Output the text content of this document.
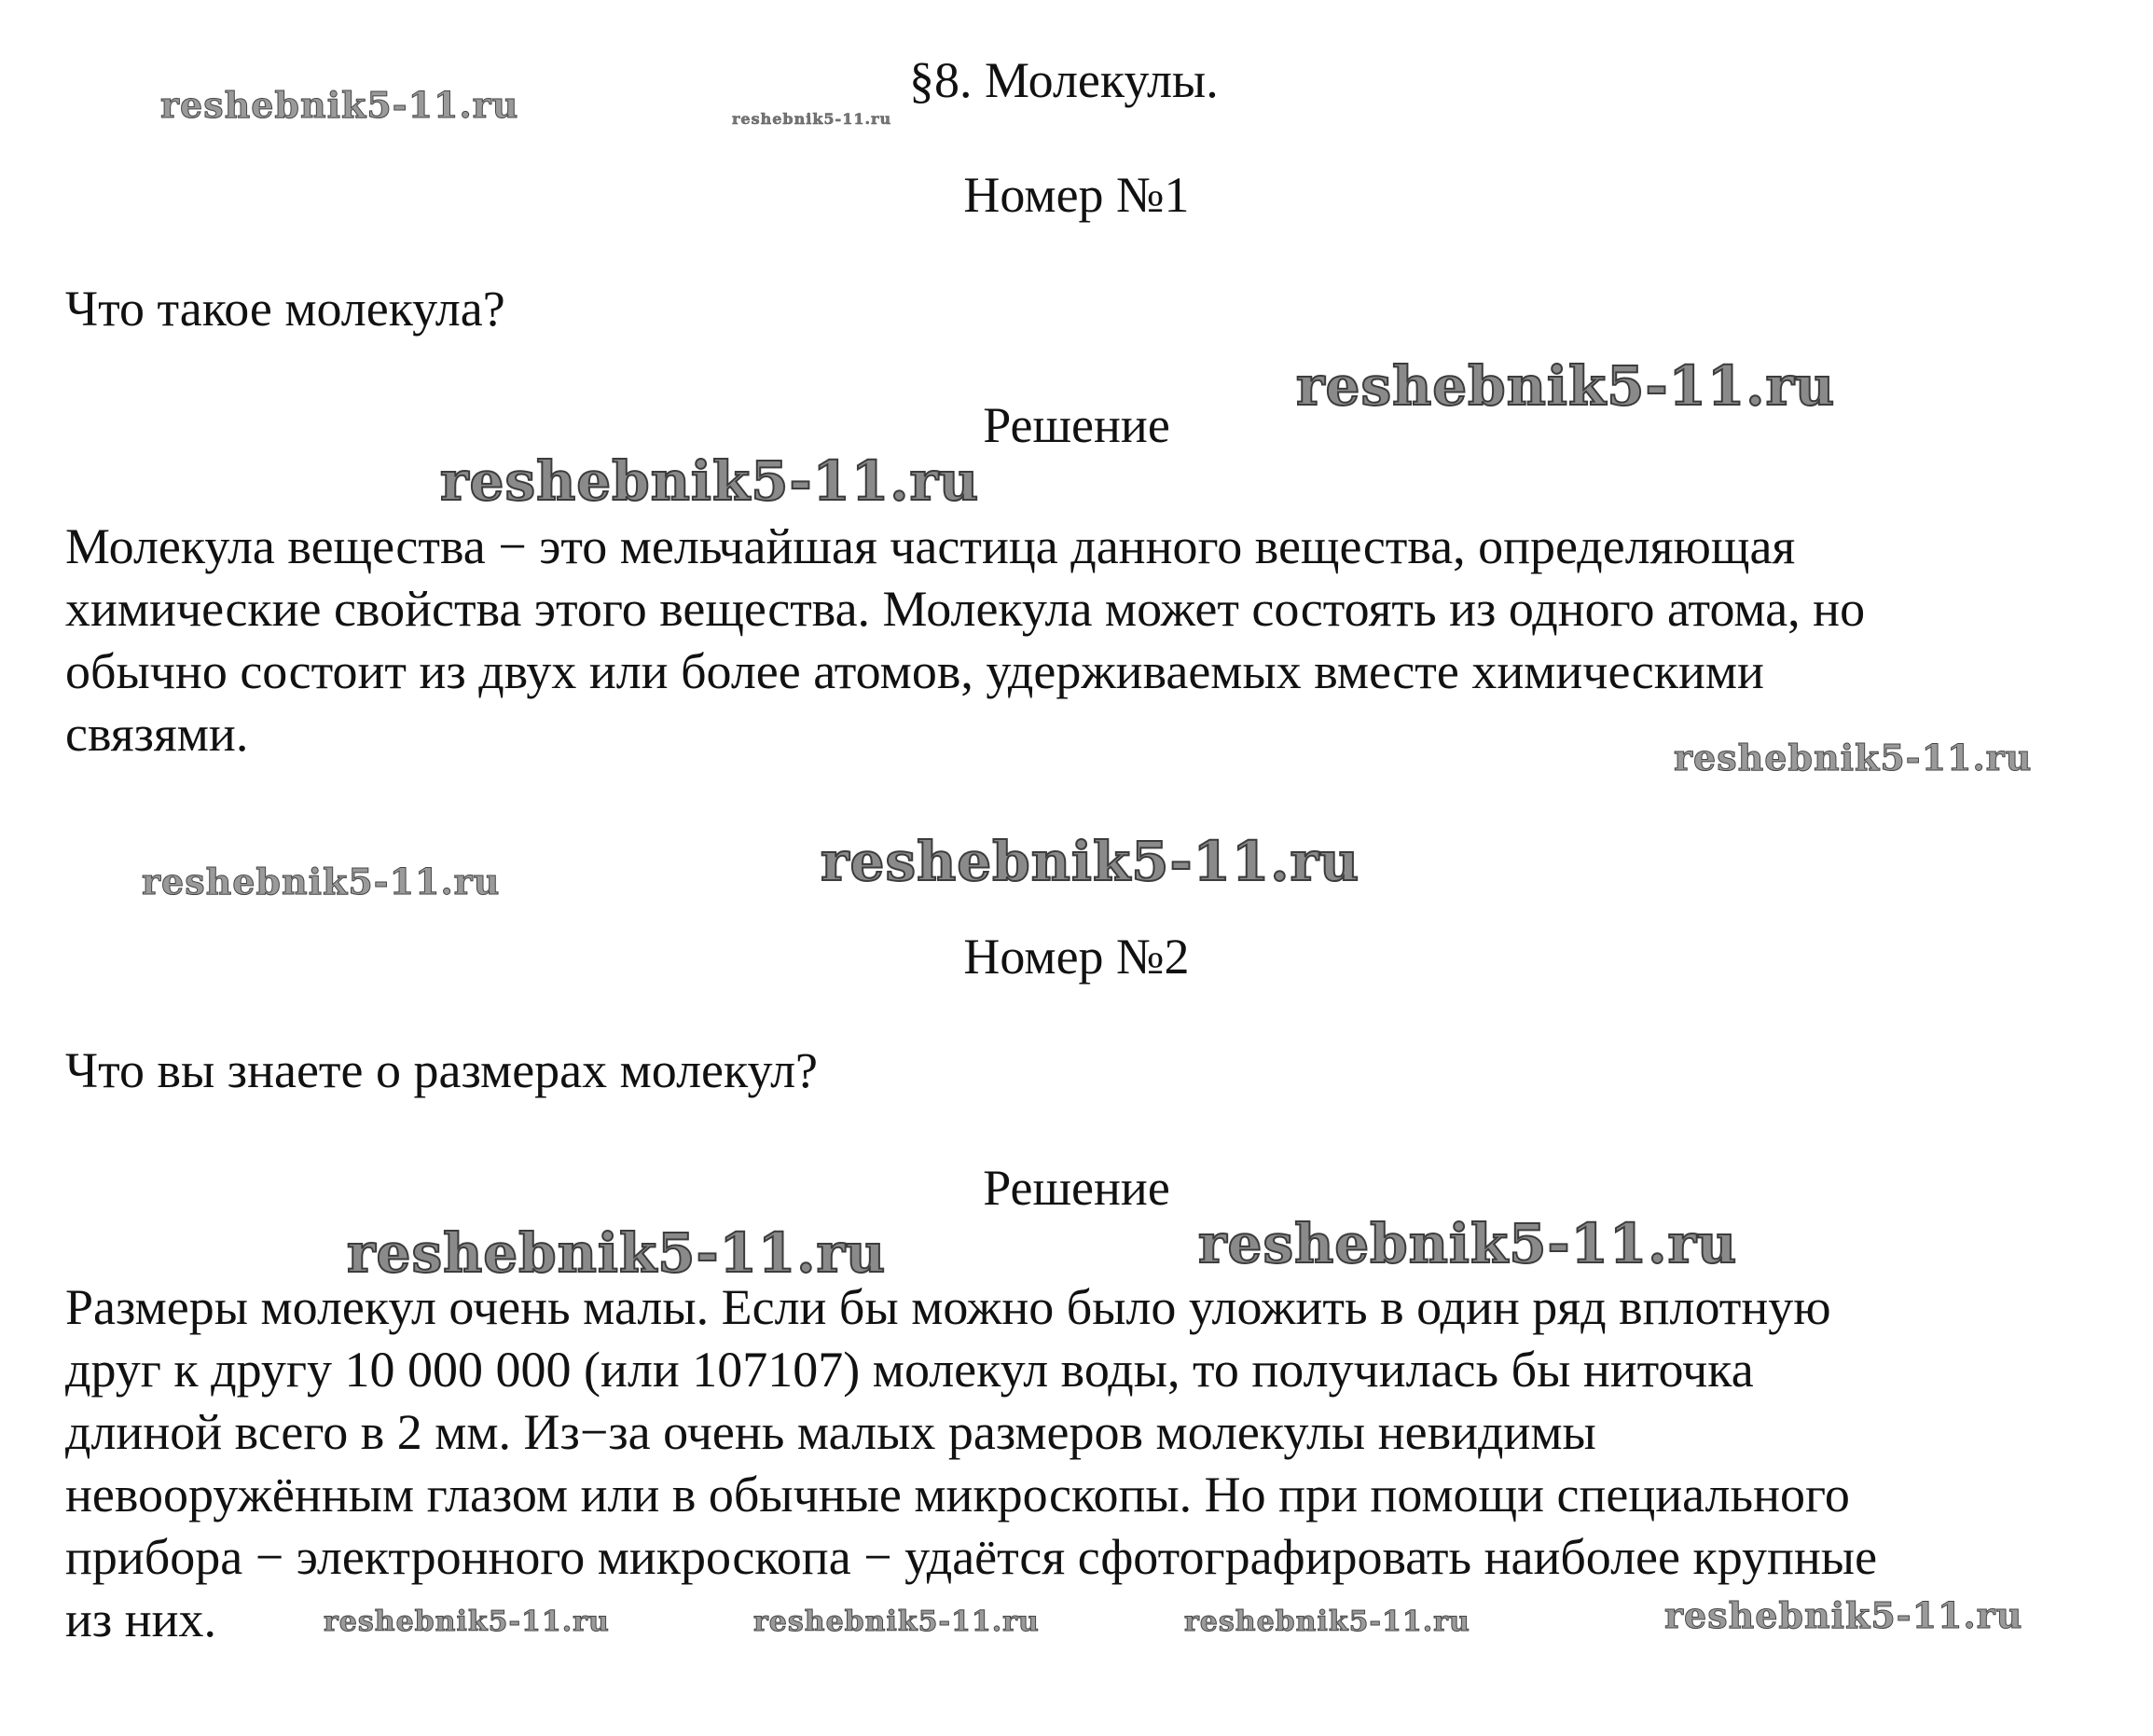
§8. Молекулы.
Номер №1
Что такое молекула?
Решение
Молекула вещества − это мельчайшая частица данного вещества, определяющая
химические свойства этого вещества. Молекула может состоять из одного атома, но
обычно состоит из двух или более атомов, удерживаемых вместе химическими
связями.
Номер №2
Что вы знаете о размерах молекул?
Решение
Размеры молекул очень малы. Если бы можно было уложить в один ряд вплотную
друг к другу 10 000 000 (или 107107) молекул воды, то получилась бы ниточка
длиной всего в 2 мм. Из−за очень малых размеров молекулы невидимы
невооружённым глазом или в обычные микроскопы. Но при помощи специального
прибора − электронного микроскопа − удаётся сфотографировать наиболее крупные
из них.
reshebnik5-11.ru	reshebnik5-11.ru
reshebnik5-11.ru
reshebnik5-11.ru
reshebnik5-11.ru
reshebnik5-11.ru	reshebnik5-11.ru
reshebnik5-11.ru	reshebnik5-11.ru
reshebnik5-11.ru	reshebnik5-11.ru	reshebnik5-11.ru	reshebnik5-11.ru
